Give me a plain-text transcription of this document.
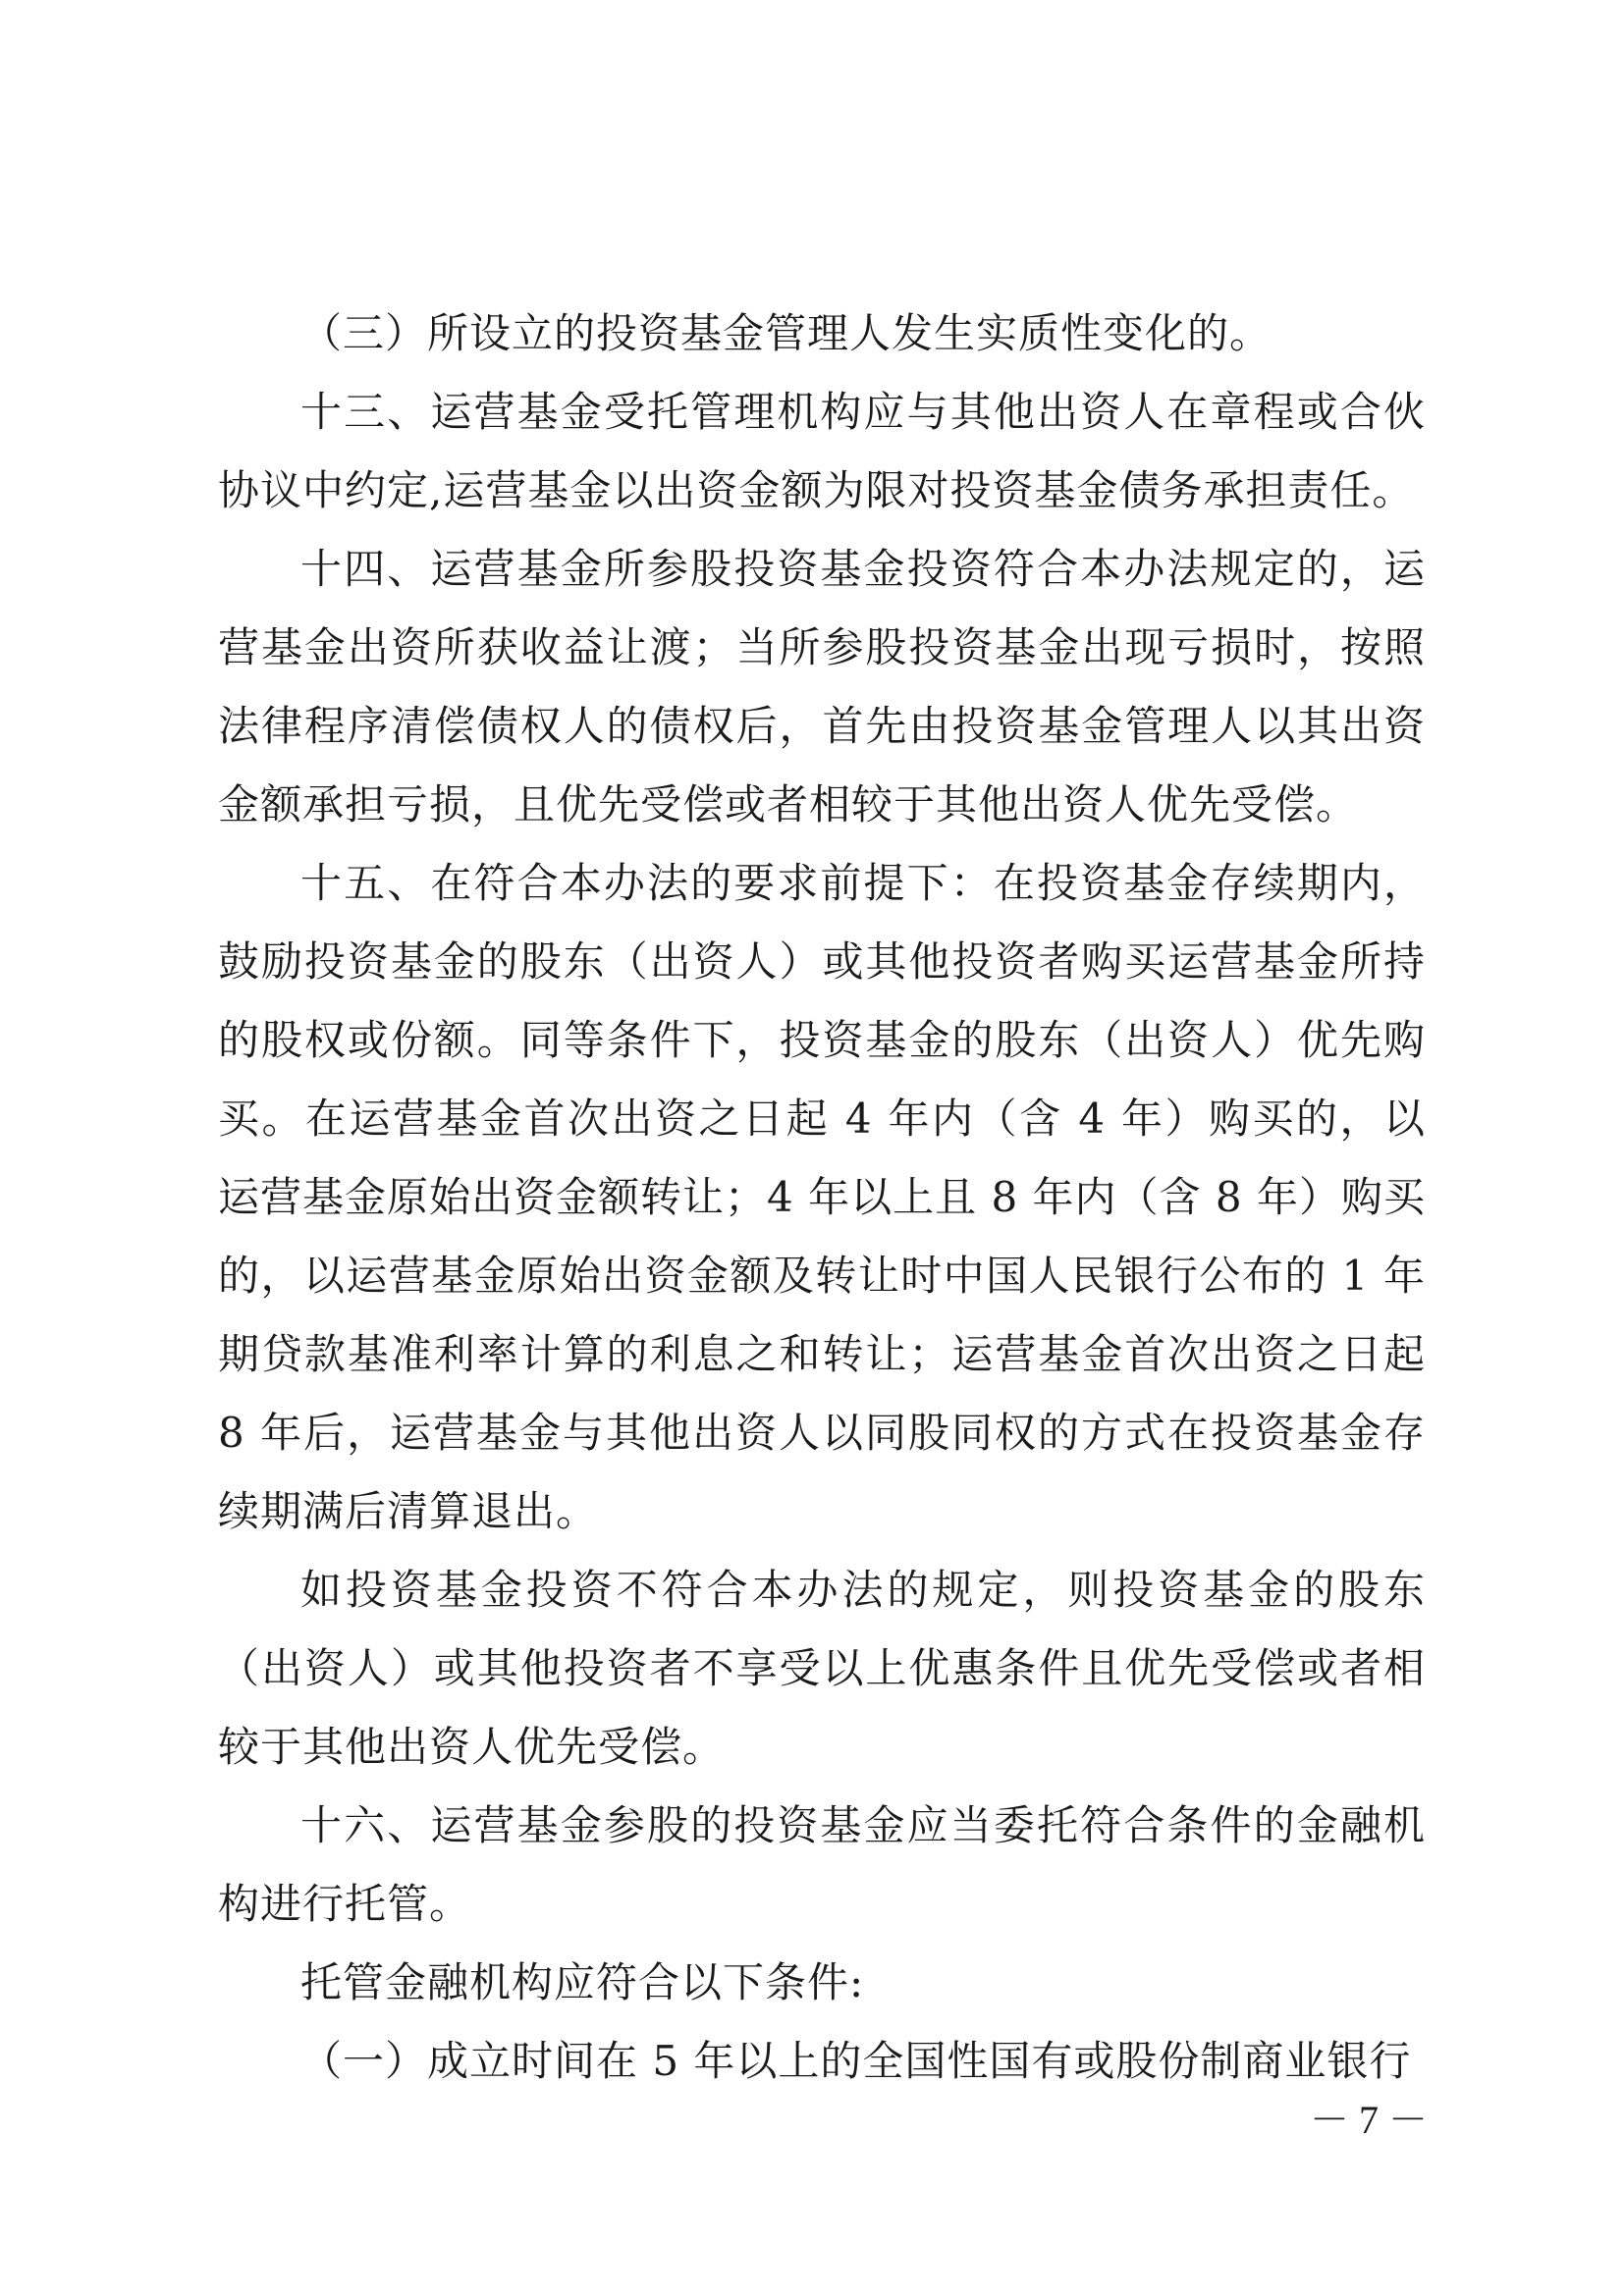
（三）所设立的投资基金管理人发生实质性变化的。

十三、运营基金受托管理机构应与其他出资人在章程或合伙协议中约定,运营基金以出资金额为限对投资基金债务承担责任。

十四、运营基金所参股投资基金投资符合本办法规定的，运营基金出资所获收益让渡；当所参股投资基金出现亏损时，按照法律程序清偿债权人的债权后，首先由投资基金管理人以其出资金额承担亏损，且优先受偿或者相较于其他出资人优先受偿。

十五、在符合本办法的要求前提下：在投资基金存续期内，鼓励投资基金的股东（出资人）或其他投资者购买运营基金所持的股权或份额。同等条件下，投资基金的股东（出资人）优先购买。在运营基金首次出资之日起 4 年内（含 4 年）购买的，以运营基金原始出资金额转让；4 年以上且 8 年内（含 8 年）购买的，以运营基金原始出资金额及转让时中国人民银行公布的 1 年期贷款基准利率计算的利息之和转让；运营基金首次出资之日起 8 年后，运营基金与其他出资人以同股同权的方式在投资基金存续期满后清算退出。

如投资基金投资不符合本办法的规定，则投资基金的股东（出资人）或其他投资者不享受以上优惠条件且优先受偿或者相较于其他出资人优先受偿。

十六、运营基金参股的投资基金应当委托符合条件的金融机构进行托管。

托管金融机构应符合以下条件:

（一）成立时间在 5 年以上的全国性国有或股份制商业银行

－ 7 －
